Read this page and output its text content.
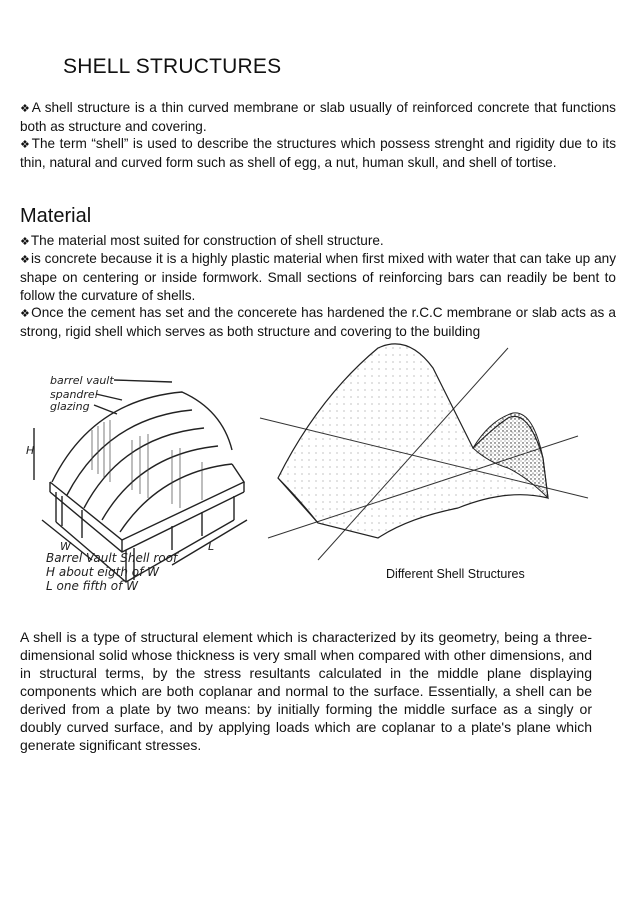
SHELL STRUCTURES
❖ A shell structure is a thin curved membrane or slab usually of reinforced concrete that functions both as structure and covering.
❖ The term “shell” is used to describe the structures which possess strenght and rigidity due to its thin, natural and curved form such as shell of egg, a nut, human skull, and shell of tortise.
Material
❖ The material most suited for construction of shell structure.
❖ is concrete because it is a highly plastic material when first mixed with water that can take up any shape on centering or inside formwork. Small sections of reinforcing bars can readily be bent to follow the curvature of shells.
❖ Once the cement has set and the concerete has hardened the r.C.C membrane or slab acts as a strong, rigid shell which serves as both structure and covering to the building
barrel vault
spandrel
glazing
H
W	L
Barrel Vault Shell roof
H about eigth of W
L one fifth of W
Different Shell Structures
A shell is a type of structural element which is characterized by its geometry, being a three-dimensional solid whose thickness is very small when compared with other dimensions, and in structural terms, by the stress resultants calculated in the middle plane displaying components which are both coplanar and normal to the surface. Essentially, a shell can be derived from a plate by two means: by initially forming the middle surface as a singly or doubly curved surface, and by applying loads which are coplanar to a plate's plane which generate significant stresses.
